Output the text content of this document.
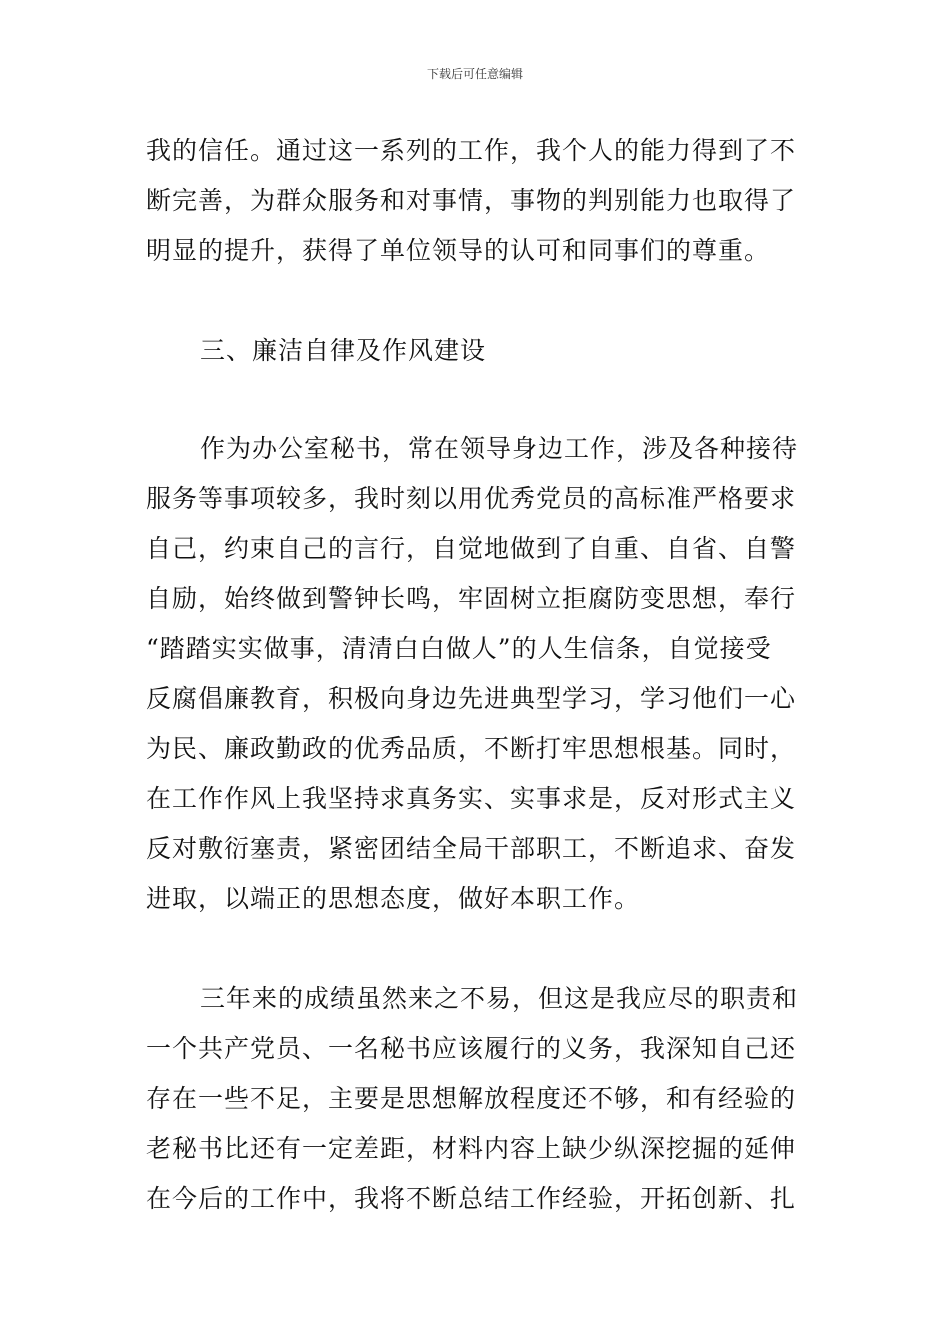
下载后可任意编辑
我的信任。通过这一系列的工作，我个人的能力得到了不
断完善，为群众服务和对事情，事物的判别能力也取得了
明显的提升，获得了单位领导的认可和同事们的尊重。
三、廉洁自律及作风建设
作为办公室秘书，常在领导身边工作，涉及各种接待
服务等事项较多，我时刻以用优秀党员的高标准严格要求
自己，约束自己的言行，自觉地做到了自重、自省、自警
自励，始终做到警钟长鸣，牢固树立拒腐防变思想，奉行
“踏踏实实做事，清清白白做人”的人生信条，自觉接受
反腐倡廉教育，积极向身边先进典型学习，学习他们一心
为民、廉政勤政的优秀品质，不断打牢思想根基。同时，
在工作作风上我坚持求真务实、实事求是，反对形式主义
反对敷衍塞责，紧密团结全局干部职工，不断追求、奋发
进取，以端正的思想态度，做好本职工作。
三年来的成绩虽然来之不易，但这是我应尽的职责和
一个共产党员、一名秘书应该履行的义务，我深知自己还
存在一些不足，主要是思想解放程度还不够，和有经验的
老秘书比还有一定差距，材料内容上缺少纵深挖掘的延伸
在今后的工作中，我将不断总结工作经验，开拓创新、扎
